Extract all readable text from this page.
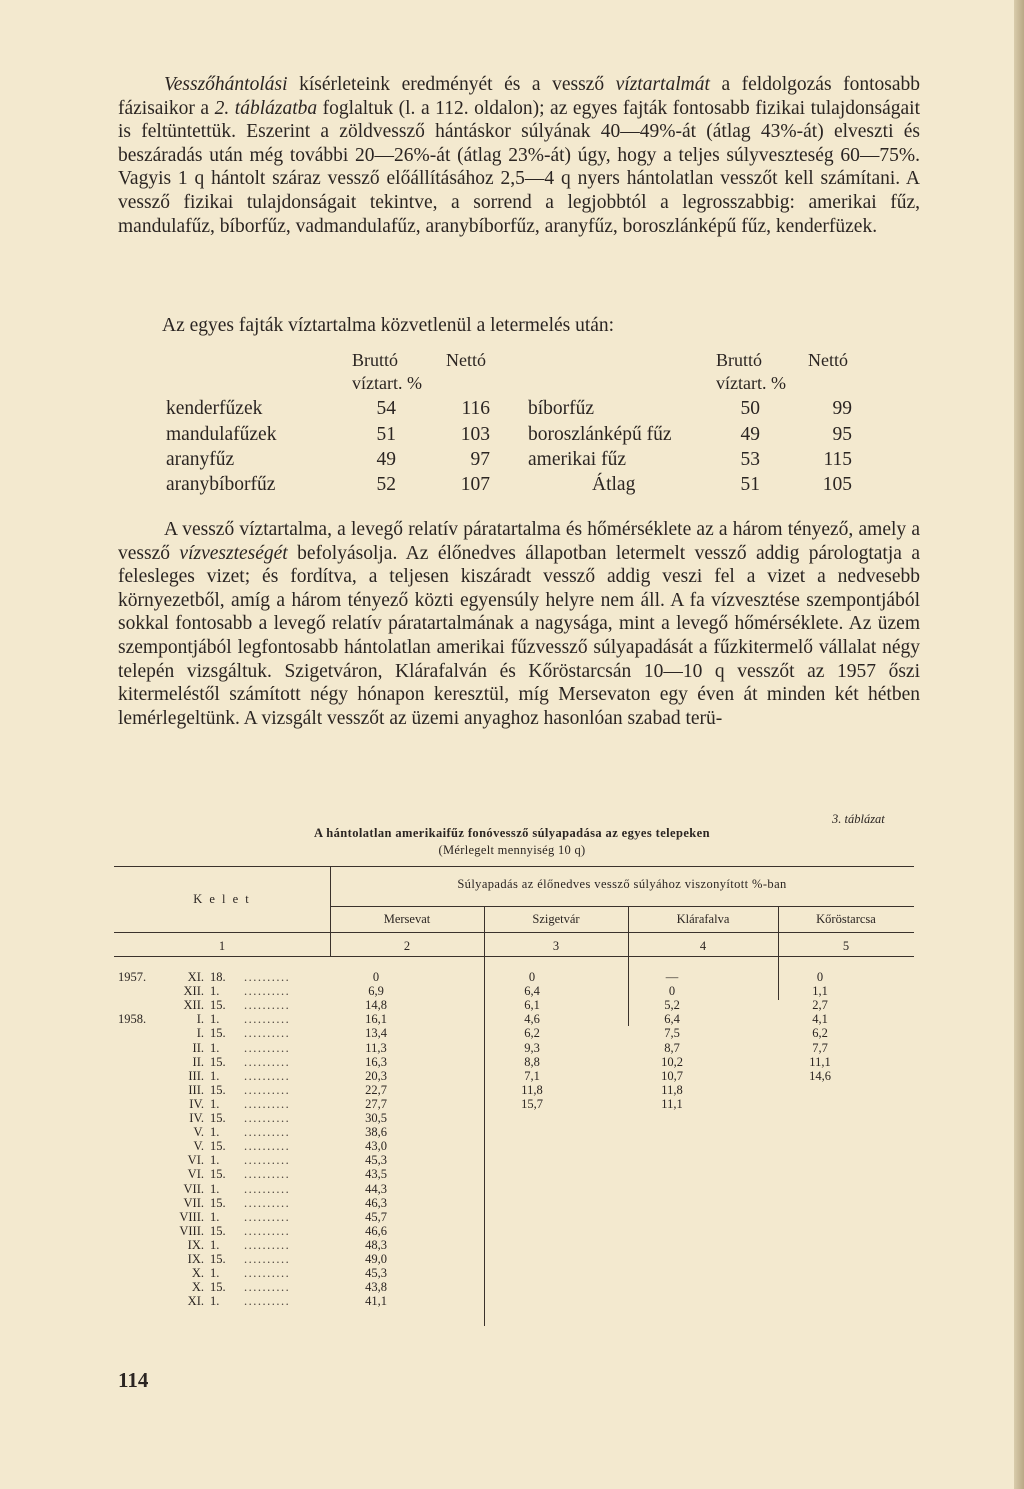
Vesszőhántolási kísérleteink eredményét és a vessző víztartalmát a feldolgozás fontosabb fázisaikor a 2. táblázatba foglaltuk (l. a 112. oldalon); az egyes fajták fontosabb fizikai tulajdonságait is feltüntettük. Eszerint a zöldvessző hántáskor súlyának 40—49%-át (átlag 43%-át) elveszti és beszáradás után még további 20—26%-át (átlag 23%-át) úgy, hogy a teljes súlyveszteség 60—75%. Vagyis 1 q hántolt száraz vessző előállításához 2,5—4 q nyers hántolatlan vesszőt kell számítani. A vessző fizikai tulajdonságait tekintve, a sorrend a legjobbtól a legrosszabbig: amerikai fűz, mandulafűz, bíborfűz, vadmandulafűz, aranybíborfűz, aranyfűz, boroszlánképű fűz, kenderfüzek.

Az egyes fajták víztartalma közvetlenül a letermelés után:

Bruttó	Nettó
víztart. %
Bruttó	Nettó
víztart. %
kenderfűzek	54	116
mandulafűzek	51	103
aranyfűz	49	97
aranybíborfűz	52	107
bíborfűz	50	99
boroszlánképű fűz	49	95
amerikai fűz	53	115
Átlag	51	105

A vessző víztartalma, a levegő relatív páratartalma és hőmérséklete az a három tényező, amely a vessző vízveszteségét befolyásolja. Az élőnedves állapotban letermelt vessző addig párologtatja a felesleges vizet; és fordítva, a teljesen kiszáradt vessző addig veszi fel a vizet a nedvesebb környezetből, amíg a három tényező közti egyensúly helyre nem áll. A fa vízvesztése szempontjából sokkal fontosabb a levegő relatív páratartalmának a nagysága, mint a levegő hőmérséklete. Az üzem szempontjából legfontosabb hántolatlan amerikai fűzvessző súlyapadását a fűzkitermelő vállalat négy telepén vizsgáltuk. Szigetváron, Klárafalván és Kőröstarcsán 10—10 q vesszőt az 1957 őszi kitermeléstől számított négy hónapon keresztül, míg Mersevaton egy éven át minden két hétben lemérlegeltünk. A vizsgált vesszőt az üzemi anyaghoz hasonlóan szabad terü-

3. táblázat
A hántolatlan amerikaifűz fonóvessző súlyapadása az egyes telepeken
(Mérlegelt mennyiség 10 q)
K e l e t
Súlyapadás az élőnedves vessző súlyához viszonyított %-ban
Mersevat	Szigetvár	Klárafalva	Kőröstarcsa
1	2	3	4	5
1957.	XI. 18. ..........	0	0	—	0
XII. 1. ..........	6,9	6,4	0	1,1
XII. 15. ..........	14,8	6,1	5,2	2,7
1958.	I. 1. ..........	16,1	4,6	6,4	4,1
I. 15. ..........	13,4	6,2	7,5	6,2
II. 1. ..........	11,3	9,3	8,7	7,7
II. 15. ..........	16,3	8,8	10,2	11,1
III. 1. ..........	20,3	7,1	10,7	14,6
III. 15. ..........	22,7	11,8	11,8
IV. 1. ..........	27,7	15,7	11,1
IV. 15. ..........	30,5
V. 1. ..........	38,6
V. 15. ..........	43,0
VI. 1. ..........	45,3
VI. 15. ..........	43,5
VII. 1. ..........	44,3
VII. 15. ..........	46,3
VIII. 1. ..........	45,7
VIII. 15. ..........	46,6
IX. 1. ..........	48,3
IX. 15. ..........	49,0
X. 1. ..........	45,3
X. 15. ..........	43,8
XI. 1. ..........	41,1
114
